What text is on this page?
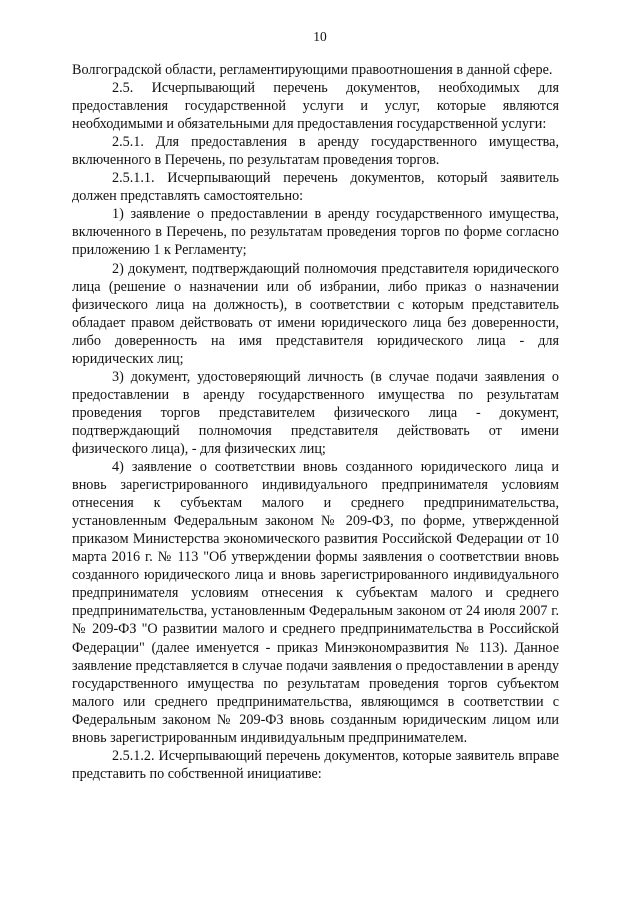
10

Волгоградской области, регламентирующими правоотношения в данной сфере.

2.5. Исчерпывающий перечень документов, необходимых для предоставления государственной услуги и услуг, которые являются необходимыми и обязательными для предоставления государственной услуги:

2.5.1. Для предоставления в аренду государственного имущества, включенного в Перечень, по результатам проведения торгов.

2.5.1.1. Исчерпывающий перечень документов, который заявитель должен представлять самостоятельно:

1) заявление о предоставлении в аренду государственного имущества, включенного в Перечень, по результатам проведения торгов по форме согласно приложению 1 к Регламенту;

2) документ, подтверждающий полномочия представителя юридического лица (решение о назначении или об избрании, либо приказ о назначении физического лица на должность), в соответствии с которым представитель обладает правом действовать от имени юридического лица без доверенности, либо доверенность на имя представителя юридического лица - для юридических лиц;

3) документ, удостоверяющий личность (в случае подачи заявления о предоставлении в аренду государственного имущества по результатам проведения торгов представителем физического лица - документ, подтверждающий полномочия представителя действовать от имени физического лица), - для физических лиц;

4) заявление о соответствии вновь созданного юридического лица и вновь зарегистрированного индивидуального предпринимателя условиям отнесения к субъектам малого и среднего предпринимательства, установленным Федеральным законом № 209-ФЗ, по форме, утвержденной приказом Министерства экономического развития Российской Федерации от 10 марта 2016 г. № 113 "Об утверждении формы заявления о соответствии вновь созданного юридического лица и вновь зарегистрированного индивидуального предпринимателя условиям отнесения к субъектам малого и среднего предпринимательства, установленным Федеральным законом от 24 июля 2007 г. № 209-ФЗ "О развитии малого и среднего предпринимательства в Российской Федерации" (далее именуется - приказ Минэкономразвития № 113). Данное заявление представляется в случае подачи заявления о предоставлении в аренду государственного имущества по результатам проведения торгов субъектом малого или среднего предпринимательства, являющимся в соответствии с Федеральным законом № 209-ФЗ вновь созданным юридическим лицом или вновь зарегистрированным индивидуальным предпринимателем.

2.5.1.2. Исчерпывающий перечень документов, которые заявитель вправе представить по собственной инициативе:
